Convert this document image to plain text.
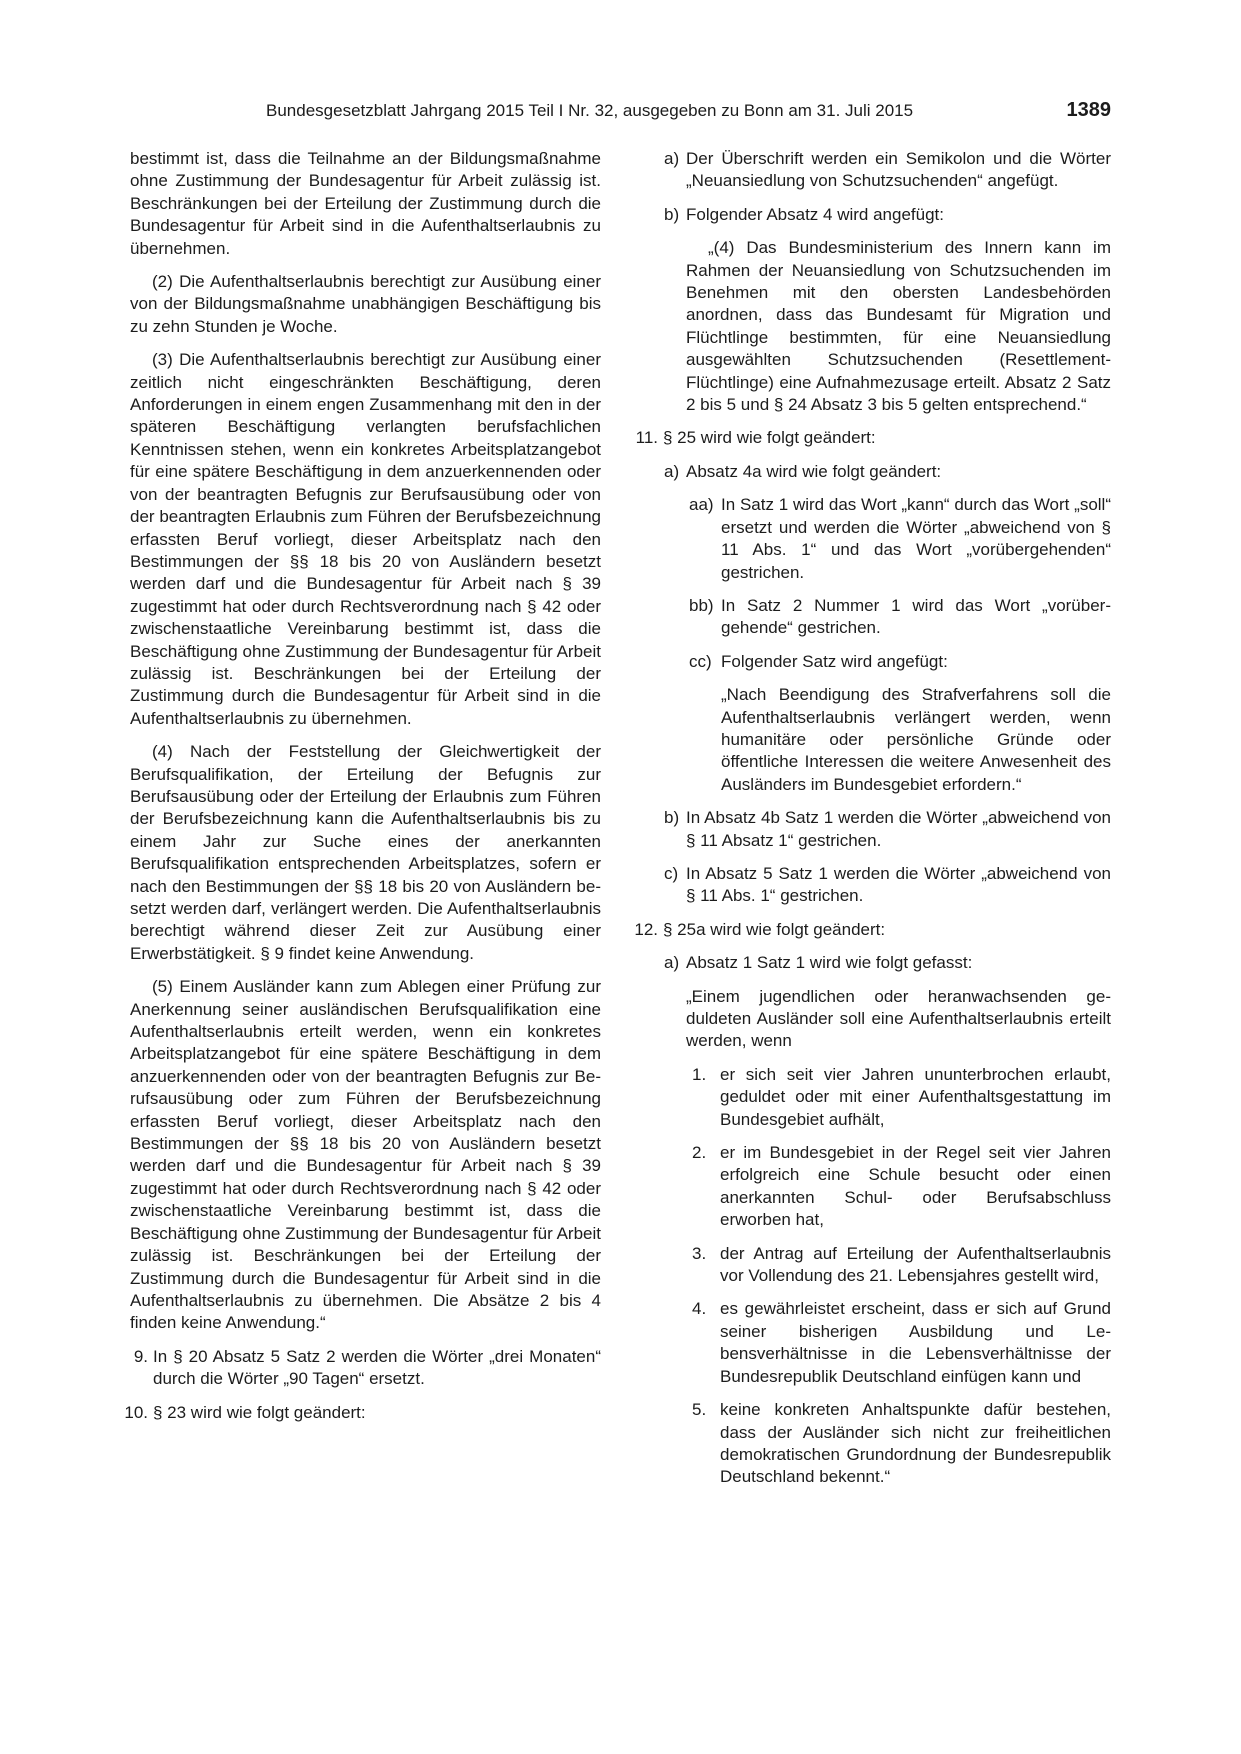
Bundesgesetzblatt Jahrgang 2015 Teil I Nr. 32, ausgegeben zu Bonn am 31. Juli 2015	1389

bestimmt ist, dass die Teilnahme an der Bildungsmaßnahme ohne Zustimmung der Bundesagentur für Arbeit zulässig ist. Beschränkungen bei der Erteilung der Zustimmung durch die Bundesagentur für Arbeit sind in die Aufenthaltserlaubnis zu übernehmen.

(2) Die Aufenthaltserlaubnis berechtigt zur Ausübung einer von der Bildungsmaßnahme unabhängigen Beschäftigung bis zu zehn Stunden je Woche.

(3) Die Aufenthaltserlaubnis berechtigt zur Ausübung einer zeitlich nicht eingeschränkten Beschäftigung, deren Anforderungen in einem engen Zusammenhang mit den in der späteren Beschäftigung verlangten berufsfachlichen Kenntnissen stehen, wenn ein konkretes Arbeitsplatzangebot für eine spätere Beschäftigung in dem anzuerkennenden oder von der beantragten Befugnis zur Berufsausübung oder von der beantragten Erlaubnis zum Führen der Berufsbezeichnung erfassten Beruf vorliegt, dieser Arbeitsplatz nach den Bestimmungen der §§ 18 bis 20 von Ausländern besetzt werden darf und die Bundesagentur für Arbeit nach § 39 zugestimmt hat oder durch Rechtsverordnung nach § 42 oder zwischenstaatliche Vereinbarung bestimmt ist, dass die Beschäftigung ohne Zustimmung der Bundesagentur für Arbeit zulässig ist. Beschränkungen bei der Erteilung der Zustimmung durch die Bundesagentur für Arbeit sind in die Aufenthaltserlaubnis zu übernehmen.

(4) Nach der Feststellung der Gleichwertigkeit der Berufsqualifikation, der Erteilung der Befugnis zur Berufsausübung oder der Erteilung der Erlaubnis zum Führen der Berufsbezeichnung kann die Aufenthaltserlaubnis bis zu einem Jahr zur Suche eines der anerkannten Berufsqualifikation entsprechenden Arbeitsplatzes, sofern er nach den Bestimmungen der §§ 18 bis 20 von Ausländern besetzt werden darf, verlängert werden. Die Aufenthaltserlaubnis berechtigt während dieser Zeit zur Ausübung einer Erwerbstätigkeit. § 9 findet keine Anwendung.

(5) Einem Ausländer kann zum Ablegen einer Prüfung zur Anerkennung seiner ausländischen Berufsqualifikation eine Aufenthaltserlaubnis erteilt werden, wenn ein konkretes Arbeitsplatzangebot für eine spätere Beschäftigung in dem anzuerkennenden oder von der beantragten Befugnis zur Berufsausübung oder zum Führen der Berufsbezeichnung erfassten Beruf vorliegt, dieser Arbeitsplatz nach den Bestimmungen der §§ 18 bis 20 von Ausländern besetzt werden darf und die Bundesagentur für Arbeit nach § 39 zugestimmt hat oder durch Rechtsverordnung nach § 42 oder zwischenstaatliche Vereinbarung bestimmt ist, dass die Beschäftigung ohne Zustimmung der Bundesagentur für Arbeit zulässig ist. Beschränkungen bei der Erteilung der Zustimmung durch die Bundesagentur für Arbeit sind in die Aufenthaltserlaubnis zu übernehmen. Die Absätze 2 bis 4 finden keine Anwendung.“

9. In § 20 Absatz 5 Satz 2 werden die Wörter „drei Monaten“ durch die Wörter „90 Tagen“ ersetzt.

10. § 23 wird wie folgt geändert:

a) Der Überschrift werden ein Semikolon und die Wörter „Neuansiedlung von Schutzsuchenden“ angefügt.

b) Folgender Absatz 4 wird angefügt:

„(4) Das Bundesministerium des Innern kann im Rahmen der Neuansiedlung von Schutzsuchenden im Benehmen mit den obersten Landesbehörden anordnen, dass das Bundesamt für Migration und Flüchtlinge bestimmten, für eine Neuansiedlung ausgewählten Schutzsuchenden (Resettlement-Flüchtlinge) eine Aufnahmezusage erteilt. Absatz 2 Satz 2 bis 5 und § 24 Absatz 3 bis 5 gelten entsprechend.“

11. § 25 wird wie folgt geändert:

a) Absatz 4a wird wie folgt geändert:

aa) In Satz 1 wird das Wort „kann“ durch das Wort „soll“ ersetzt und werden die Wörter „abweichend von § 11 Abs. 1“ und das Wort „vorübergehenden“ gestrichen.

bb) In Satz 2 Nummer 1 wird das Wort „vorübergehende“ gestrichen.

cc) Folgender Satz wird angefügt:

„Nach Beendigung des Strafverfahrens soll die Aufenthaltserlaubnis verlängert werden, wenn humanitäre oder persönliche Gründe oder öffentliche Interessen die weitere Anwesenheit des Ausländers im Bundesgebiet erfordern.“

b) In Absatz 4b Satz 1 werden die Wörter „abweichend von § 11 Absatz 1“ gestrichen.

c) In Absatz 5 Satz 1 werden die Wörter „abweichend von § 11 Abs. 1“ gestrichen.

12. § 25a wird wie folgt geändert:

a) Absatz 1 Satz 1 wird wie folgt gefasst:

„Einem jugendlichen oder heranwachsenden geduldeten Ausländer soll eine Aufenthaltserlaubnis erteilt werden, wenn

1. er sich seit vier Jahren ununterbrochen erlaubt, geduldet oder mit einer Aufenthaltsgestattung im Bundesgebiet aufhält,

2. er im Bundesgebiet in der Regel seit vier Jahren erfolgreich eine Schule besucht oder einen anerkannten Schul- oder Berufsabschluss erworben hat,

3. der Antrag auf Erteilung der Aufenthaltserlaubnis vor Vollendung des 21. Lebensjahres gestellt wird,

4. es gewährleistet erscheint, dass er sich auf Grund seiner bisherigen Ausbildung und Lebensverhältnisse in die Lebensverhältnisse der Bundesrepublik Deutschland einfügen kann und

5. keine konkreten Anhaltspunkte dafür bestehen, dass der Ausländer sich nicht zur freiheitlichen demokratischen Grundordnung der Bundesrepublik Deutschland bekennt.“
